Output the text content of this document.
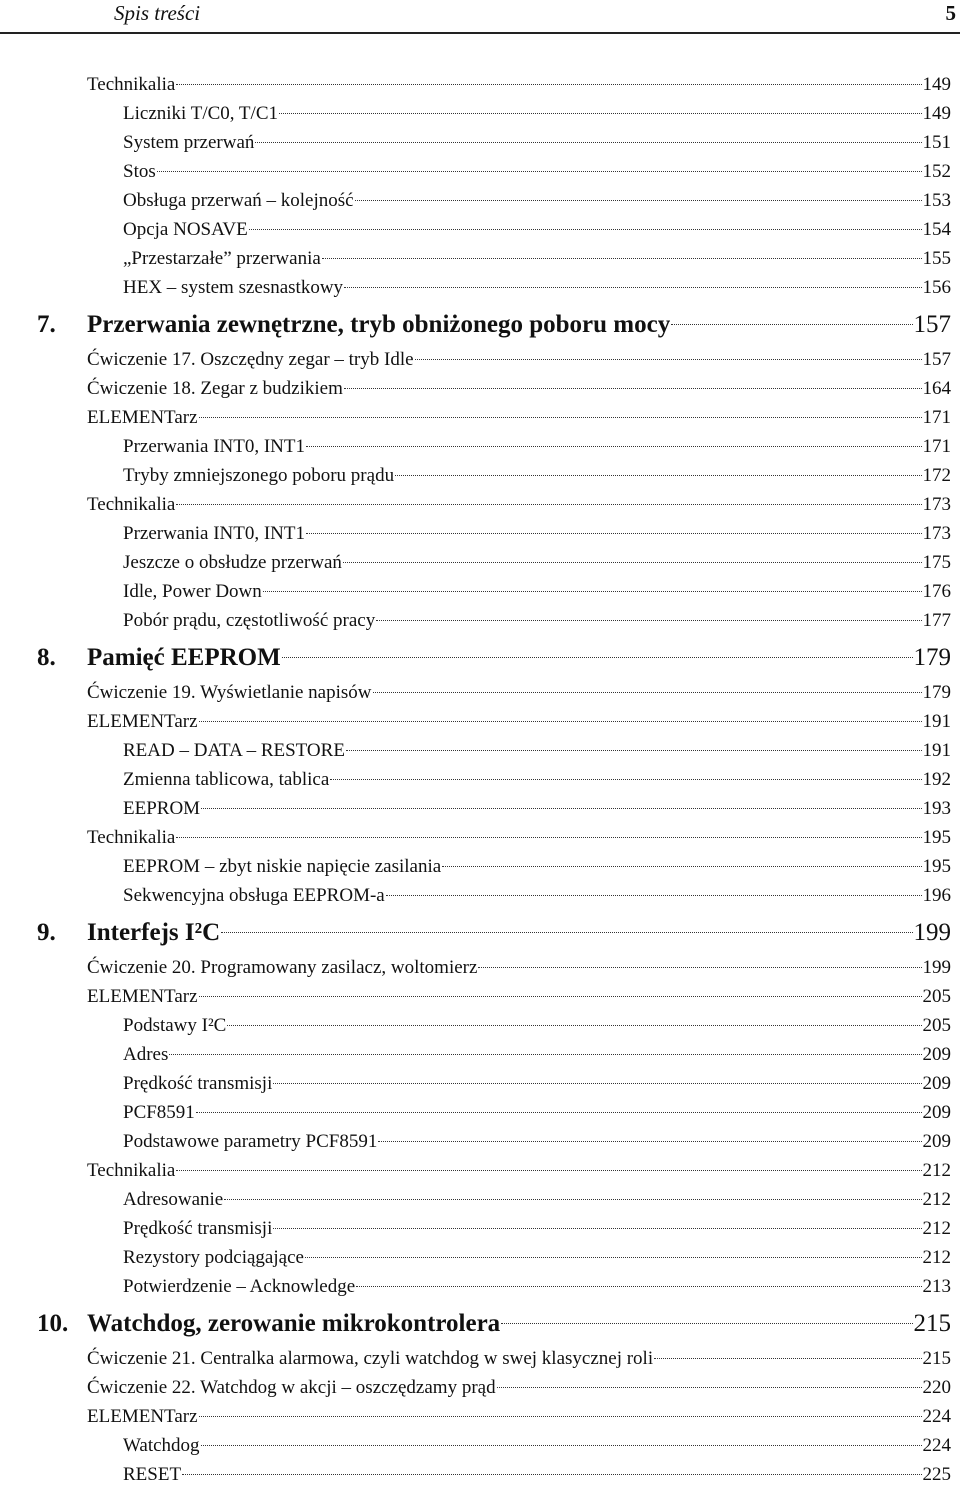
Spis treści	5
Technikalia	149
Liczniki T/C0, T/C1	149
System przerwań	151
Stos	152
Obsługa przerwań – kolejność	153
Opcja NOSAVE	154
„Przestarzałe” przerwania	155
HEX – system szesnastkowy	156
7.	Przerwania zewnętrzne, tryb obniżonego poboru mocy	157
Ćwiczenie 17. Oszczędny zegar – tryb Idle	157
Ćwiczenie 18. Zegar z budzikiem	164
ELEMENTarz	171
Przerwania INT0, INT1	171
Tryby zmniejszonego poboru prądu	172
Technikalia	173
Przerwania INT0, INT1	173
Jeszcze o obsłudze przerwań	175
Idle, Power Down	176
Pobór prądu, częstotliwość pracy	177
8.	Pamięć EEPROM	179
Ćwiczenie 19. Wyświetlanie napisów	179
ELEMENTarz	191
READ – DATA – RESTORE	191
Zmienna tablicowa, tablica	192
EEPROM	193
Technikalia	195
EEPROM – zbyt niskie napięcie zasilania	195
Sekwencyjna obsługa EEPROM-a	196
9.	Interfejs I²C	199
Ćwiczenie 20. Programowany zasilacz, woltomierz	199
ELEMENTarz	205
Podstawy I²C	205
Adres	209
Prędkość transmisji	209
PCF8591	209
Podstawowe parametry PCF8591	209
Technikalia	212
Adresowanie	212
Prędkość transmisji	212
Rezystory podciągające	212
Potwierdzenie – Acknowledge	213
10. Watchdog, zerowanie mikrokontrolera	215
Ćwiczenie 21. Centralka alarmowa, czyli watchdog w swej klasycznej roli	215
Ćwiczenie 22. Watchdog w akcji – oszczędzamy prąd	220
ELEMENTarz	224
Watchdog	224
RESET	225
